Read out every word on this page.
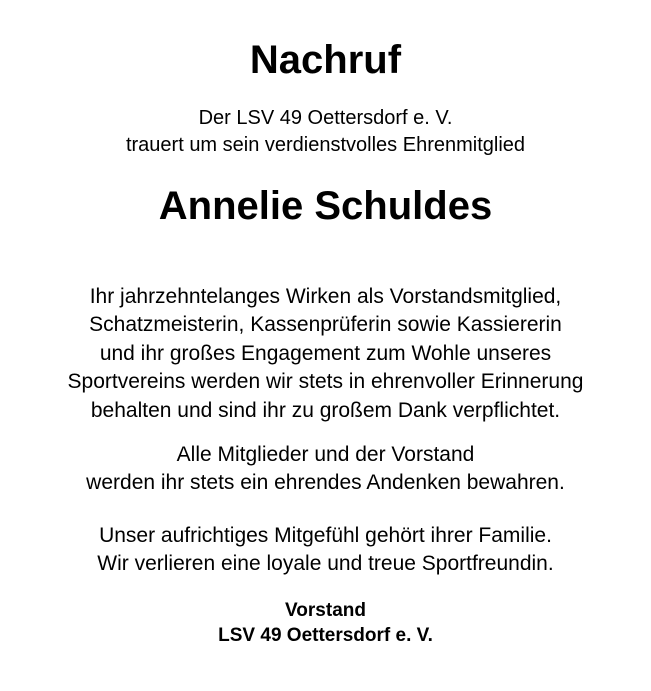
Nachruf
Der LSV 49 Oettersdorf e. V.
trauert um sein verdienstvolles Ehrenmitglied
Annelie Schuldes
Ihr jahrzehntelanges Wirken als Vorstandsmitglied,
Schatzmeisterin, Kassenprüferin sowie Kassiererin
und ihr großes Engagement zum Wohle unseres
Sportvereins werden wir stets in ehrenvoller Erinnerung
behalten und sind ihr zu großem Dank verpflichtet.
Alle Mitglieder und der Vorstand
werden ihr stets ein ehrendes Andenken bewahren.
Unser aufrichtiges Mitgefühl gehört ihrer Familie.
Wir verlieren eine loyale und treue Sportfreundin.
Vorstand
LSV 49 Oettersdorf e. V.
